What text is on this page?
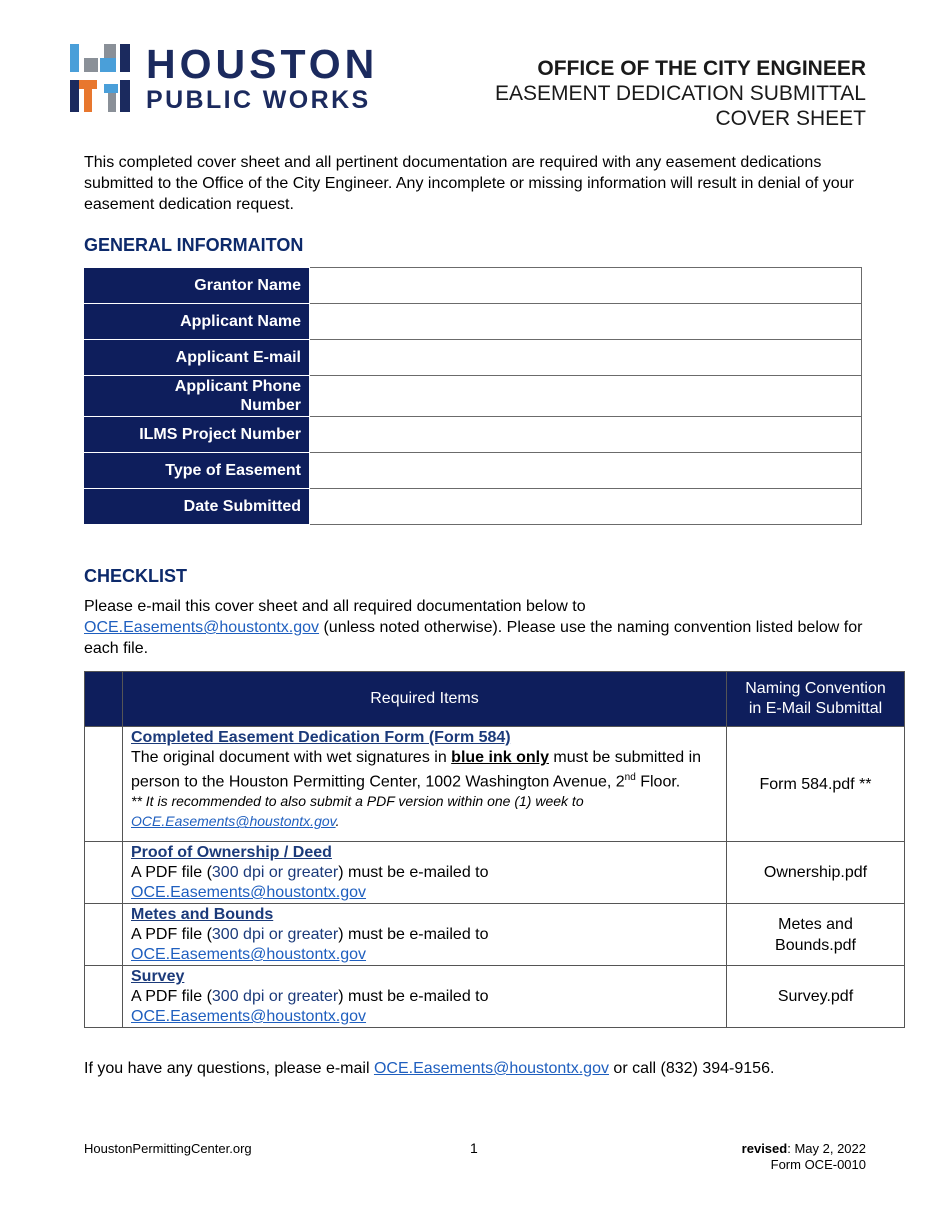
HOUSTON
PUBLIC WORKS
OFFICE OF THE CITY ENGINEER
EASEMENT DEDICATION SUBMITTAL
COVER SHEET
This completed cover sheet and all pertinent documentation are required with any easement dedications submitted to the Office of the City Engineer. Any incomplete or missing information will result in denial of your easement dedication request.
GENERAL INFORMAITON
Grantor Name	
Applicant Name	
Applicant E-mail	
Applicant Phone
Number	
ILMS Project Number	
Type of Easement	
Date Submitted	
CHECKLIST
Please e-mail this cover sheet and all required documentation below to
OCE.Easements@houstontx.gov (unless noted otherwise). Please use the naming convention listed below for each file.
	Required Items	Naming Convention
in E-Mail Submittal
	Completed Easement Dedication Form (Form 584)
The original document with wet signatures in blue ink only must be submitted in person to the Houston Permitting Center, 1002 Washington Avenue, 2nd Floor.
** It is recommended to also submit a PDF version within one (1) week to
OCE.Easements@houstontx.gov.	Form 584.pdf **
	Proof of Ownership / Deed
A PDF file (300 dpi or greater) must be e-mailed to
OCE.Easements@houstontx.gov	Ownership.pdf
	Metes and Bounds
A PDF file (300 dpi or greater) must be e-mailed to
OCE.Easements@houstontx.gov	Metes and
Bounds.pdf
	Survey
A PDF file (300 dpi or greater) must be e-mailed to
OCE.Easements@houstontx.gov	Survey.pdf
If you have any questions, please e-mail OCE.Easements@houstontx.gov or call (832) 394-9156.
HoustonPermittingCenter.org	1	revised: May 2, 2022
Form OCE-0010
